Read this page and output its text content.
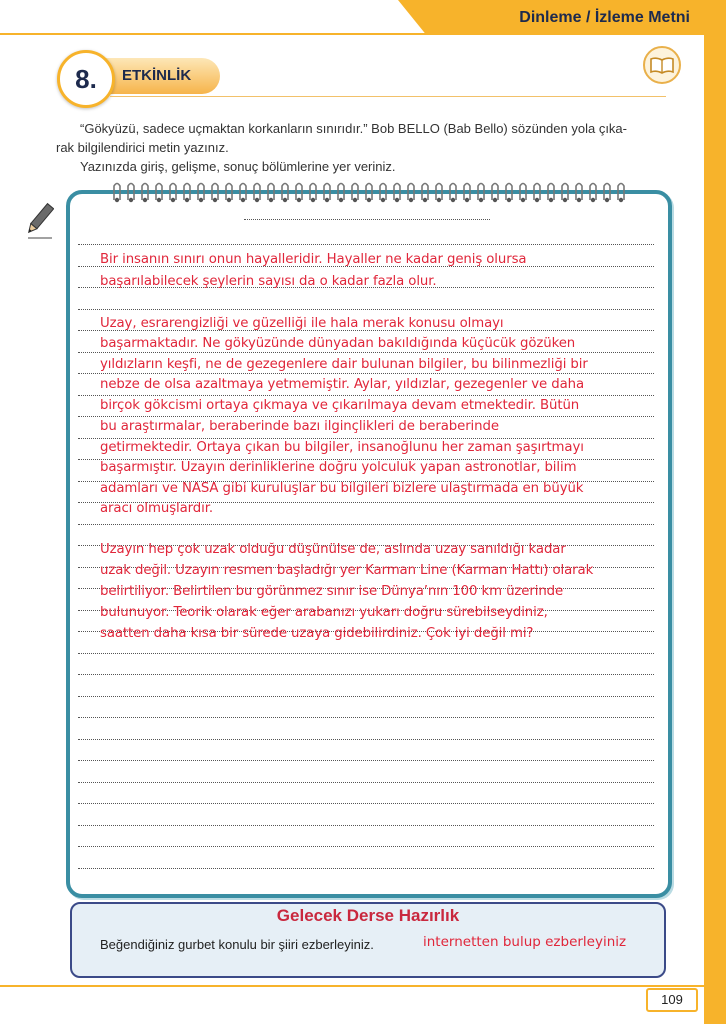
Dinleme / İzleme Metni
8.	ETKİNLİK
“Gökyüzü, sadece uçmaktan korkanların sınırıdır.” Bob BELLO (Bab Bello) sözünden yola çıka-
rak bilgilendirici metin yazınız.
Yazınızda giriş, gelişme, sonuç bölümlerine yer veriniz.
Bir insanın sınırı onun hayalleridir. Hayaller ne kadar geniş olursa
başarılabilecek şeylerin sayısı da o kadar fazla olur.
Uzay, esrarengizliği ve güzelliği ile hala merak konusu olmayı
başarmaktadır. Ne gökyüzünde dünyadan bakıldığında küçücük gözüken
yıldızların keşfi, ne de gezegenlere dair bulunan bilgiler, bu bilinmezliği bir
nebze de olsa azaltmaya yetmemiştir. Aylar, yıldızlar, gezegenler ve daha
birçok gökcismi ortaya çıkmaya ve çıkarılmaya devam etmektedir. Bütün
bu araştırmalar, beraberinde bazı ilginçlikleri de beraberinde
getirmektedir. Ortaya çıkan bu bilgiler, insanoğlunu her zaman şaşırtmayı
başarmıştır. Uzayın derinliklerine doğru yolculuk yapan astronotlar, bilim
adamları ve NASA gibi kuruluşlar bu bilgileri bizlere ulaştırmada en büyük
aracı olmuşlardır.
Uzayın hep çok uzak olduğu düşünülse de, aslında uzay sanıldığı kadar
uzak değil. Uzayın resmen başladığı yer Karman Line (Karman Hattı) olarak
belirtiliyor. Belirtilen bu görünmez sınır ise Dünya’nın 100 km üzerinde
bulunuyor. Teorik olarak eğer arabanızı yukarı doğru sürebilseydiniz,
saatten daha kısa bir sürede uzaya gidebilirdiniz. Çok iyi değil mi?
Gelecek Derse Hazırlık
Beğendiğiniz gurbet konulu bir şiiri ezberleyiniz.	internetten bulup ezberleyiniz
109
